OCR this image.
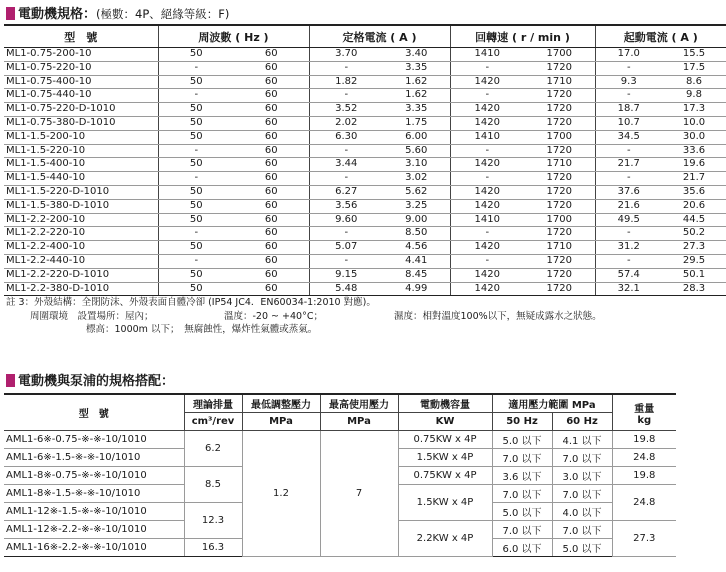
電動機規格：(極數：4P、絕緣等級：F)
型　號	周波數 ( Hz )		定格電流 ( A )		回轉速 ( r / min )		起動電流 ( A )	
ML1-0.75-200-10	50	60	3.70	3.40	1410	1700	17.0	15.5
ML1-0.75-220-10	-	60	-	3.35	-	1720	-	17.5
ML1-0.75-400-10	50	60	1.82	1.62	1420	1710	9.3	8.6
ML1-0.75-440-10	-	60	-	1.62	-	1720	-	9.8
ML1-0.75-220-D-1010	50	60	3.52	3.35	1420	1720	18.7	17.3
ML1-0.75-380-D-1010	50	60	2.02	1.75	1420	1720	10.7	10.0
ML1-1.5-200-10	50	60	6.30	6.00	1410	1700	34.5	30.0
ML1-1.5-220-10	-	60	-	5.60	-	1720	-	33.6
ML1-1.5-400-10	50	60	3.44	3.10	1420	1710	21.7	19.6
ML1-1.5-440-10	-	60	-	3.02	-	1720	-	21.7
ML1-1.5-220-D-1010	50	60	6.27	5.62	1420	1720	37.6	35.6
ML1-1.5-380-D-1010	50	60	3.56	3.25	1420	1720	21.6	20.6
ML1-2.2-200-10	50	60	9.60	9.00	1410	1700	49.5	44.5
ML1-2.2-220-10	-	60	-	8.50	-	1720	-	50.2
ML1-2.2-400-10	50	60	5.07	4.56	1420	1710	31.2	27.3
ML1-2.2-440-10	-	60	-	4.41	-	1720	-	29.5
ML1-2.2-220-D-1010	50	60	9.15	8.45	1420	1720	57.4	50.1
ML1-2.2-380-D-1010	50	60	5.48	4.99	1420	1720	32.1	28.3
註 3：外殼結構：全閉防沫、外殼表面自體冷卻 (IP54 JC4．EN60034-1:2010 對應)。
周圍環境　設置場所：屋內；	溫度：-20 ~ +40°C；	濕度：相對溫度100%以下，無疑成露水之狀態。
標高：1000m 以下；　無腐蝕性，爆炸性氣體或蒸氣。
電動機與泵浦的規格搭配：
型　號	理論排量	最低調整壓力	最高使用壓力	電動機容量	適用壓力範圍 MPa		重量
kg

	cm³/rev	MPa	MPa	KW	50 Hz	60 Hz	
AML1-6※-0.75-※-※-10/1010	6.2	1.2	7	0.75KW x 4P	5.0 以下	4.1 以下	19.8
AML1-6※-1.5-※-※-10/1010				1.5KW x 4P	7.0 以下	7.0 以下	24.8
AML1-8※-0.75-※-※-10/1010	8.5			0.75KW x 4P	3.6 以下	3.0 以下	19.8
AML1-8※-1.5-※-※-10/1010				1.5KW x 4P	7.0 以下	7.0 以下	24.8
AML1-12※-1.5-※-※-10/1010	12.3				5.0 以下	4.0 以下	
AML1-12※-2.2-※-※-10/1010				2.2KW x 4P	7.0 以下	7.0 以下	27.3
AML1-16※-2.2-※-※-10/1010	16.3				6.0 以下	5.0 以下	
